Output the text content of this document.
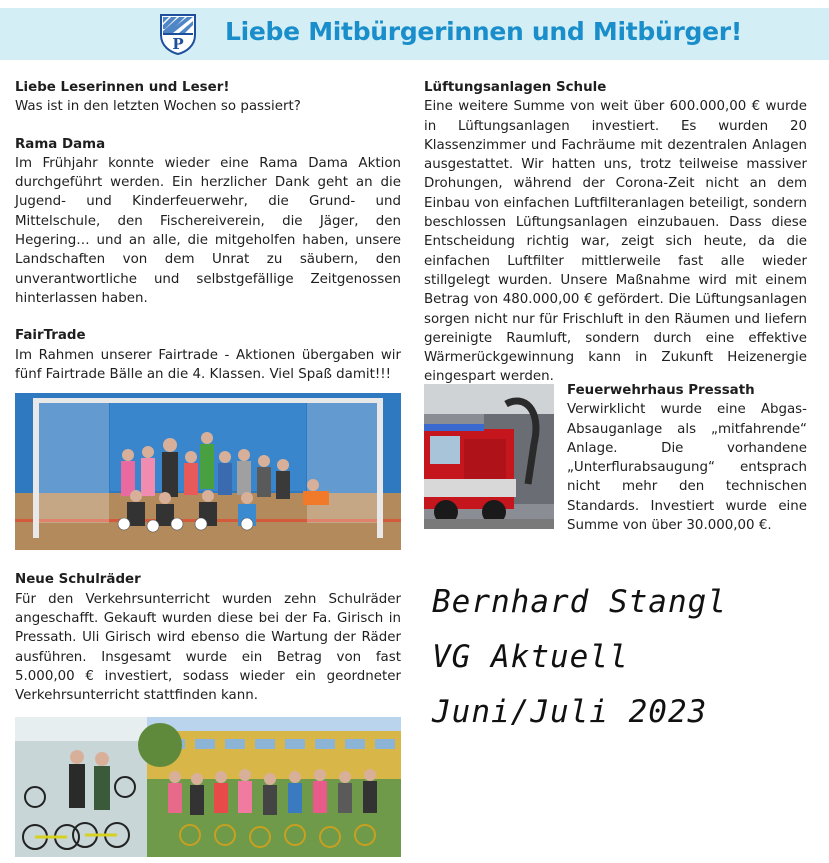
P Liebe Mitbürgerinnen und Mitbürger!

Liebe Leserinnen und Leser!

Was ist in den letzten Wochen so passiert?

Rama Dama

Im Frühjahr konnte wieder eine Rama Dama Aktion durchgeführt werden. Ein herzlicher Dank geht an die Jugend- und Kinderfeuerwehr, die Grund- und Mittelschule, den Fischereiverein, die Jäger, den Hegering… und an alle, die mitgeholfen haben, unsere Landschaften von dem Unrat zu säubern, den unverantwortliche und selbstgefällige Zeitgenossen hinterlassen haben.

FairTrade

Im Rahmen unserer Fairtrade - Aktionen übergaben wir fünf Fairtrade Bälle an die 4. Klassen. Viel Spaß damit!!!

Neue Schulräder

Für den Verkehrsunterricht wurden zehn Schulräder angeschafft. Gekauft wurden diese bei der Fa. Girisch in Pressath. Uli Girisch wird ebenso die Wartung der Räder ausführen. Insgesamt wurde ein Betrag von fast 5.000,00 € investiert, sodass wieder ein geordneter Verkehrsunterricht stattfinden kann.

Lüftungsanlagen Schule

Eine weitere Summe von weit über 600.000,00 € wurde in Lüftungsanlagen investiert. Es wurden 20 Klassenzimmer und Fachräume mit dezentralen Anlagen ausgestattet. Wir hatten uns, trotz teilweise massiver Drohungen, während der Corona-Zeit nicht an dem Einbau von einfachen Luftfilteranlagen beteiligt, sondern beschlossen Lüftungsanlagen einzubauen. Dass diese Entscheidung richtig war, zeigt sich heute, da die einfachen Luftfilter mittlerweile fast alle wieder stillgelegt wurden. Unsere Maßnahme wird mit einem Betrag von 480.000,00 € gefördert. Die Lüftungsanlagen sorgen nicht nur für Frischluft in den Räumen und liefern gereinigte Raumluft, sondern durch eine effektive Wärmerückgewinnung kann in Zukunft Heizenergie eingespart werden.

Feuerwehrhaus Pressath

Verwirklicht wurde eine Abgas-Absauganlage als „mitfahrende“ Anlage. Die vorhandene „Unterflurabsaugung“ entsprach nicht mehr den technischen Standards. Investiert wurde eine Summe von über 30.000,00 €.

Bernhard Stangl
VG Aktuell
Juni/Juli 2023
